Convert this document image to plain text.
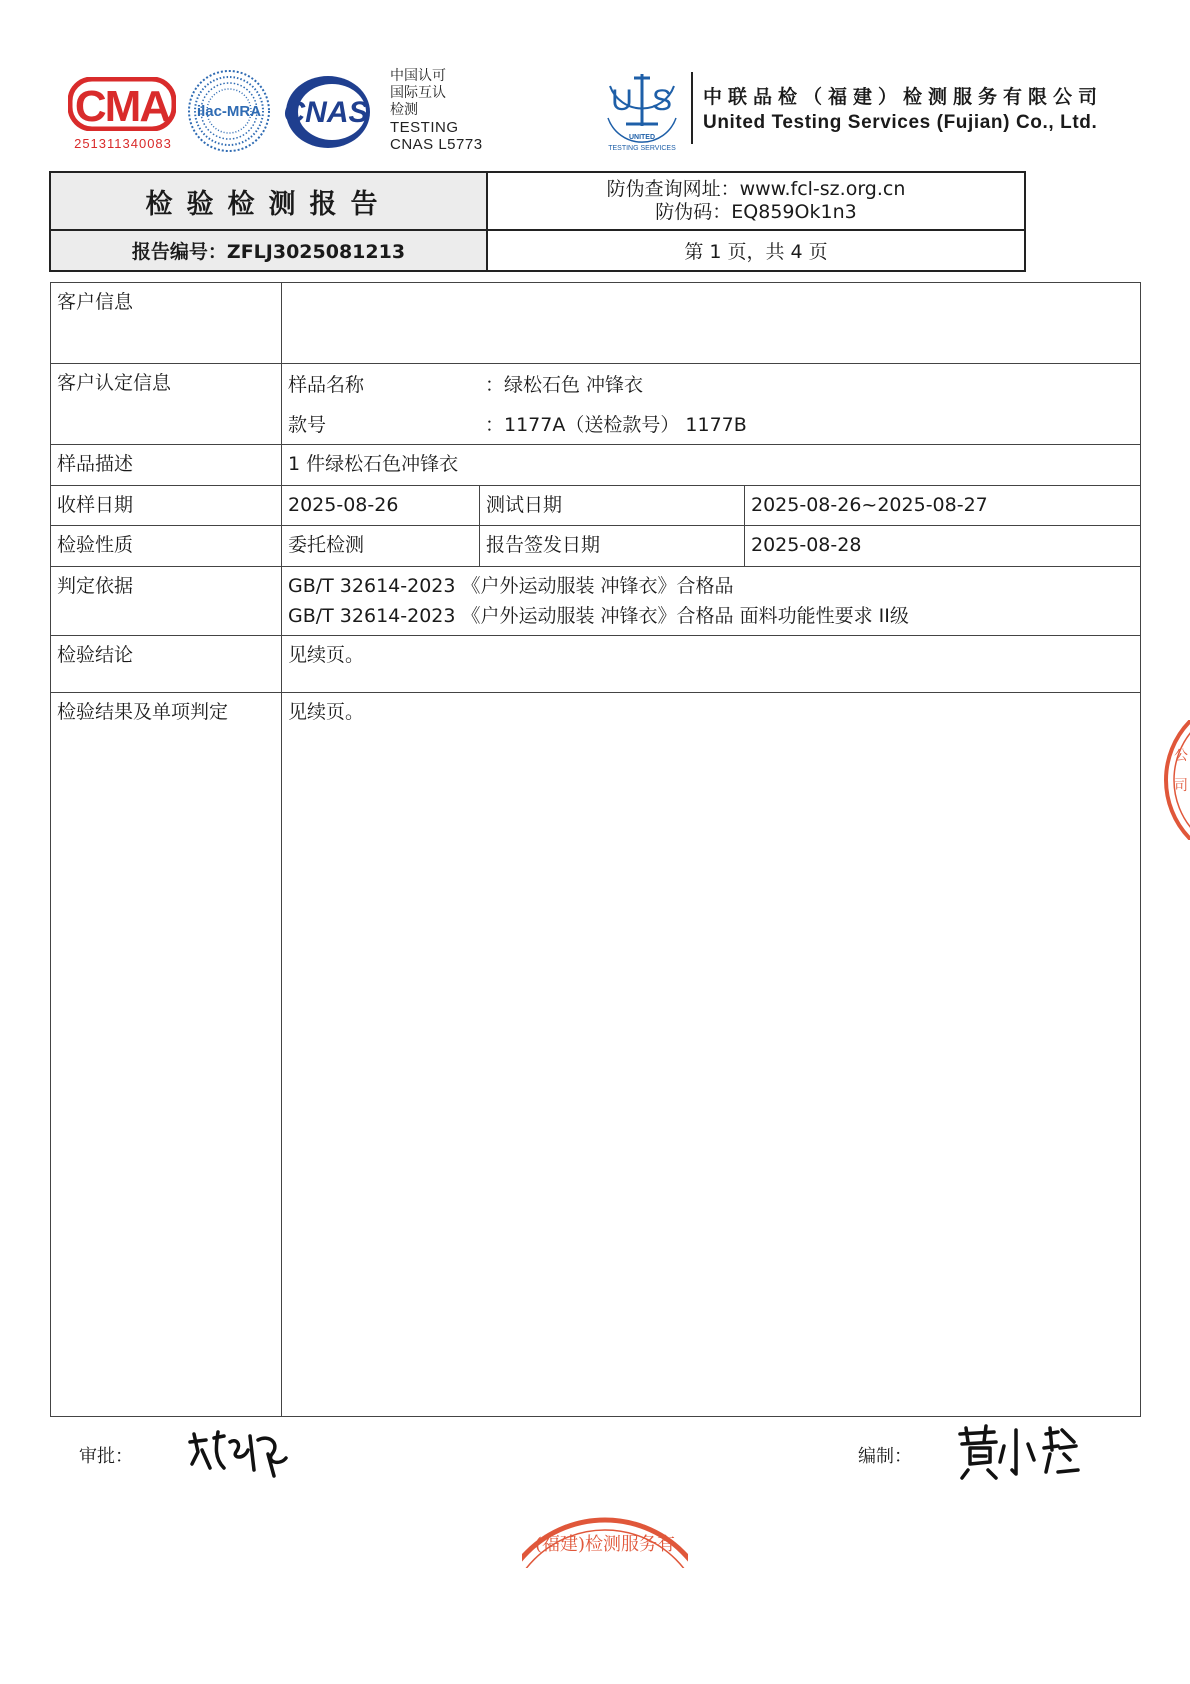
CMA
251311340083
ilac-MRA CNAS
中国认可
国际互认
检测
TESTING
CNAS L5773
U S
UNITED
TESTING SERVICES
中联品检（福建）检测服务有限公司
United Testing Services (Fujian) Co., Ltd.
检验检测报告	防伪查询网址：www.fcl-sz.org.cn
防伪码：EQ859Ok1n3
报告编号：ZFLJ3025081213	第 1 页，共 4 页
客户信息
客户认定信息	样品名称	：绿松石色 冲锋衣
款号	：1177A（送检款号） 1177B
样品描述	1 件绿松石色冲锋衣
收样日期	2025-08-26	测试日期	2025-08-26~2025-08-27
检验性质	委托检测	报告签发日期	2025-08-28
判定依据	GB/T 32614-2023 《户外运动服装 冲锋衣》合格品
GB/T 32614-2023 《户外运动服装 冲锋衣》合格品 面料功能性要求 II级
检验结论	见续页。
检验结果及单项判定	见续页。
审批：	编制：
公
司
(福建)检测服务有
